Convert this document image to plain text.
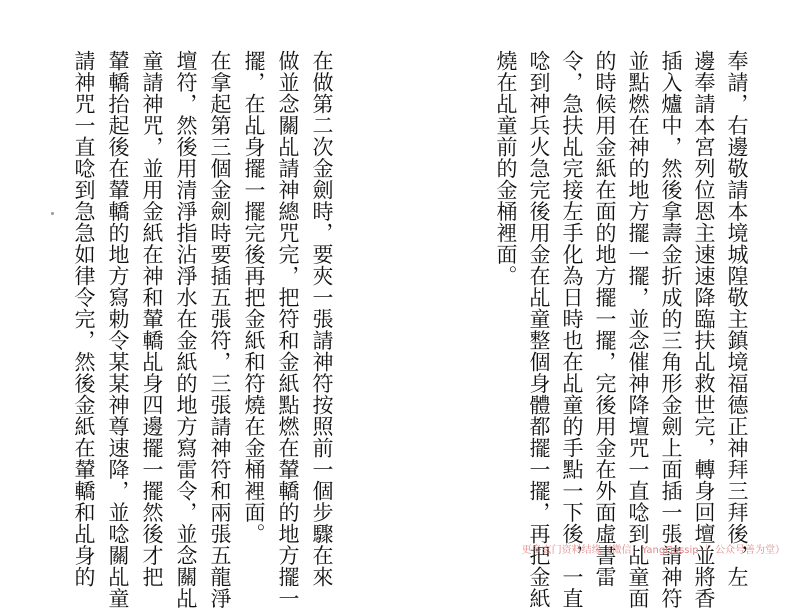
在做第二次金劍時，要夾一張請神符按照前一個步驟在來
做並念關乩請神總咒完，把符和金紙點燃在輦轎的地方擺一
擺，在乩身擺一擺完後再把金紙和符燒在金桶裡面。
在拿起第三個金劍時要插五張符，三張請神符和兩張五龍淨
壇符，然後用清淨指沾淨水在金紙的地方寫雷令，並念關乩
童請神咒，並用金紙在神和輦轎乩身四邊擺一擺然後才把
輦轎抬起後在輦轎的地方寫勅令某某神尊速降，並唸關乩童
請神咒一直唸到急急如律令完，然後金紙在輦轎和乩身的	奉請，右邊敬請本境城隍敬主鎮境福德正神拜三拜後，左
邊奉請本宮列位恩主速速降臨扶乩救世完，轉身回壇並將香
插入爐中，然後拿壽金折成的三角形金劍上面插一張請神符
並點燃在神的地方擺一擺，並念催神降壇咒一直唸到乩童面
的時候用金紙在面的地方擺一擺，完後用金在外面虛書雷
令，急扶乩完接左手化為日時也在乩童的手點一下後，一直
唸到神兵火急完後用金在乩童整個身體都擺一擺，再把金紙
燒在乩童前的金桶裡面。
更多玄门资料结缘（微信：YangGossip ｜ 公众号善为堂）
